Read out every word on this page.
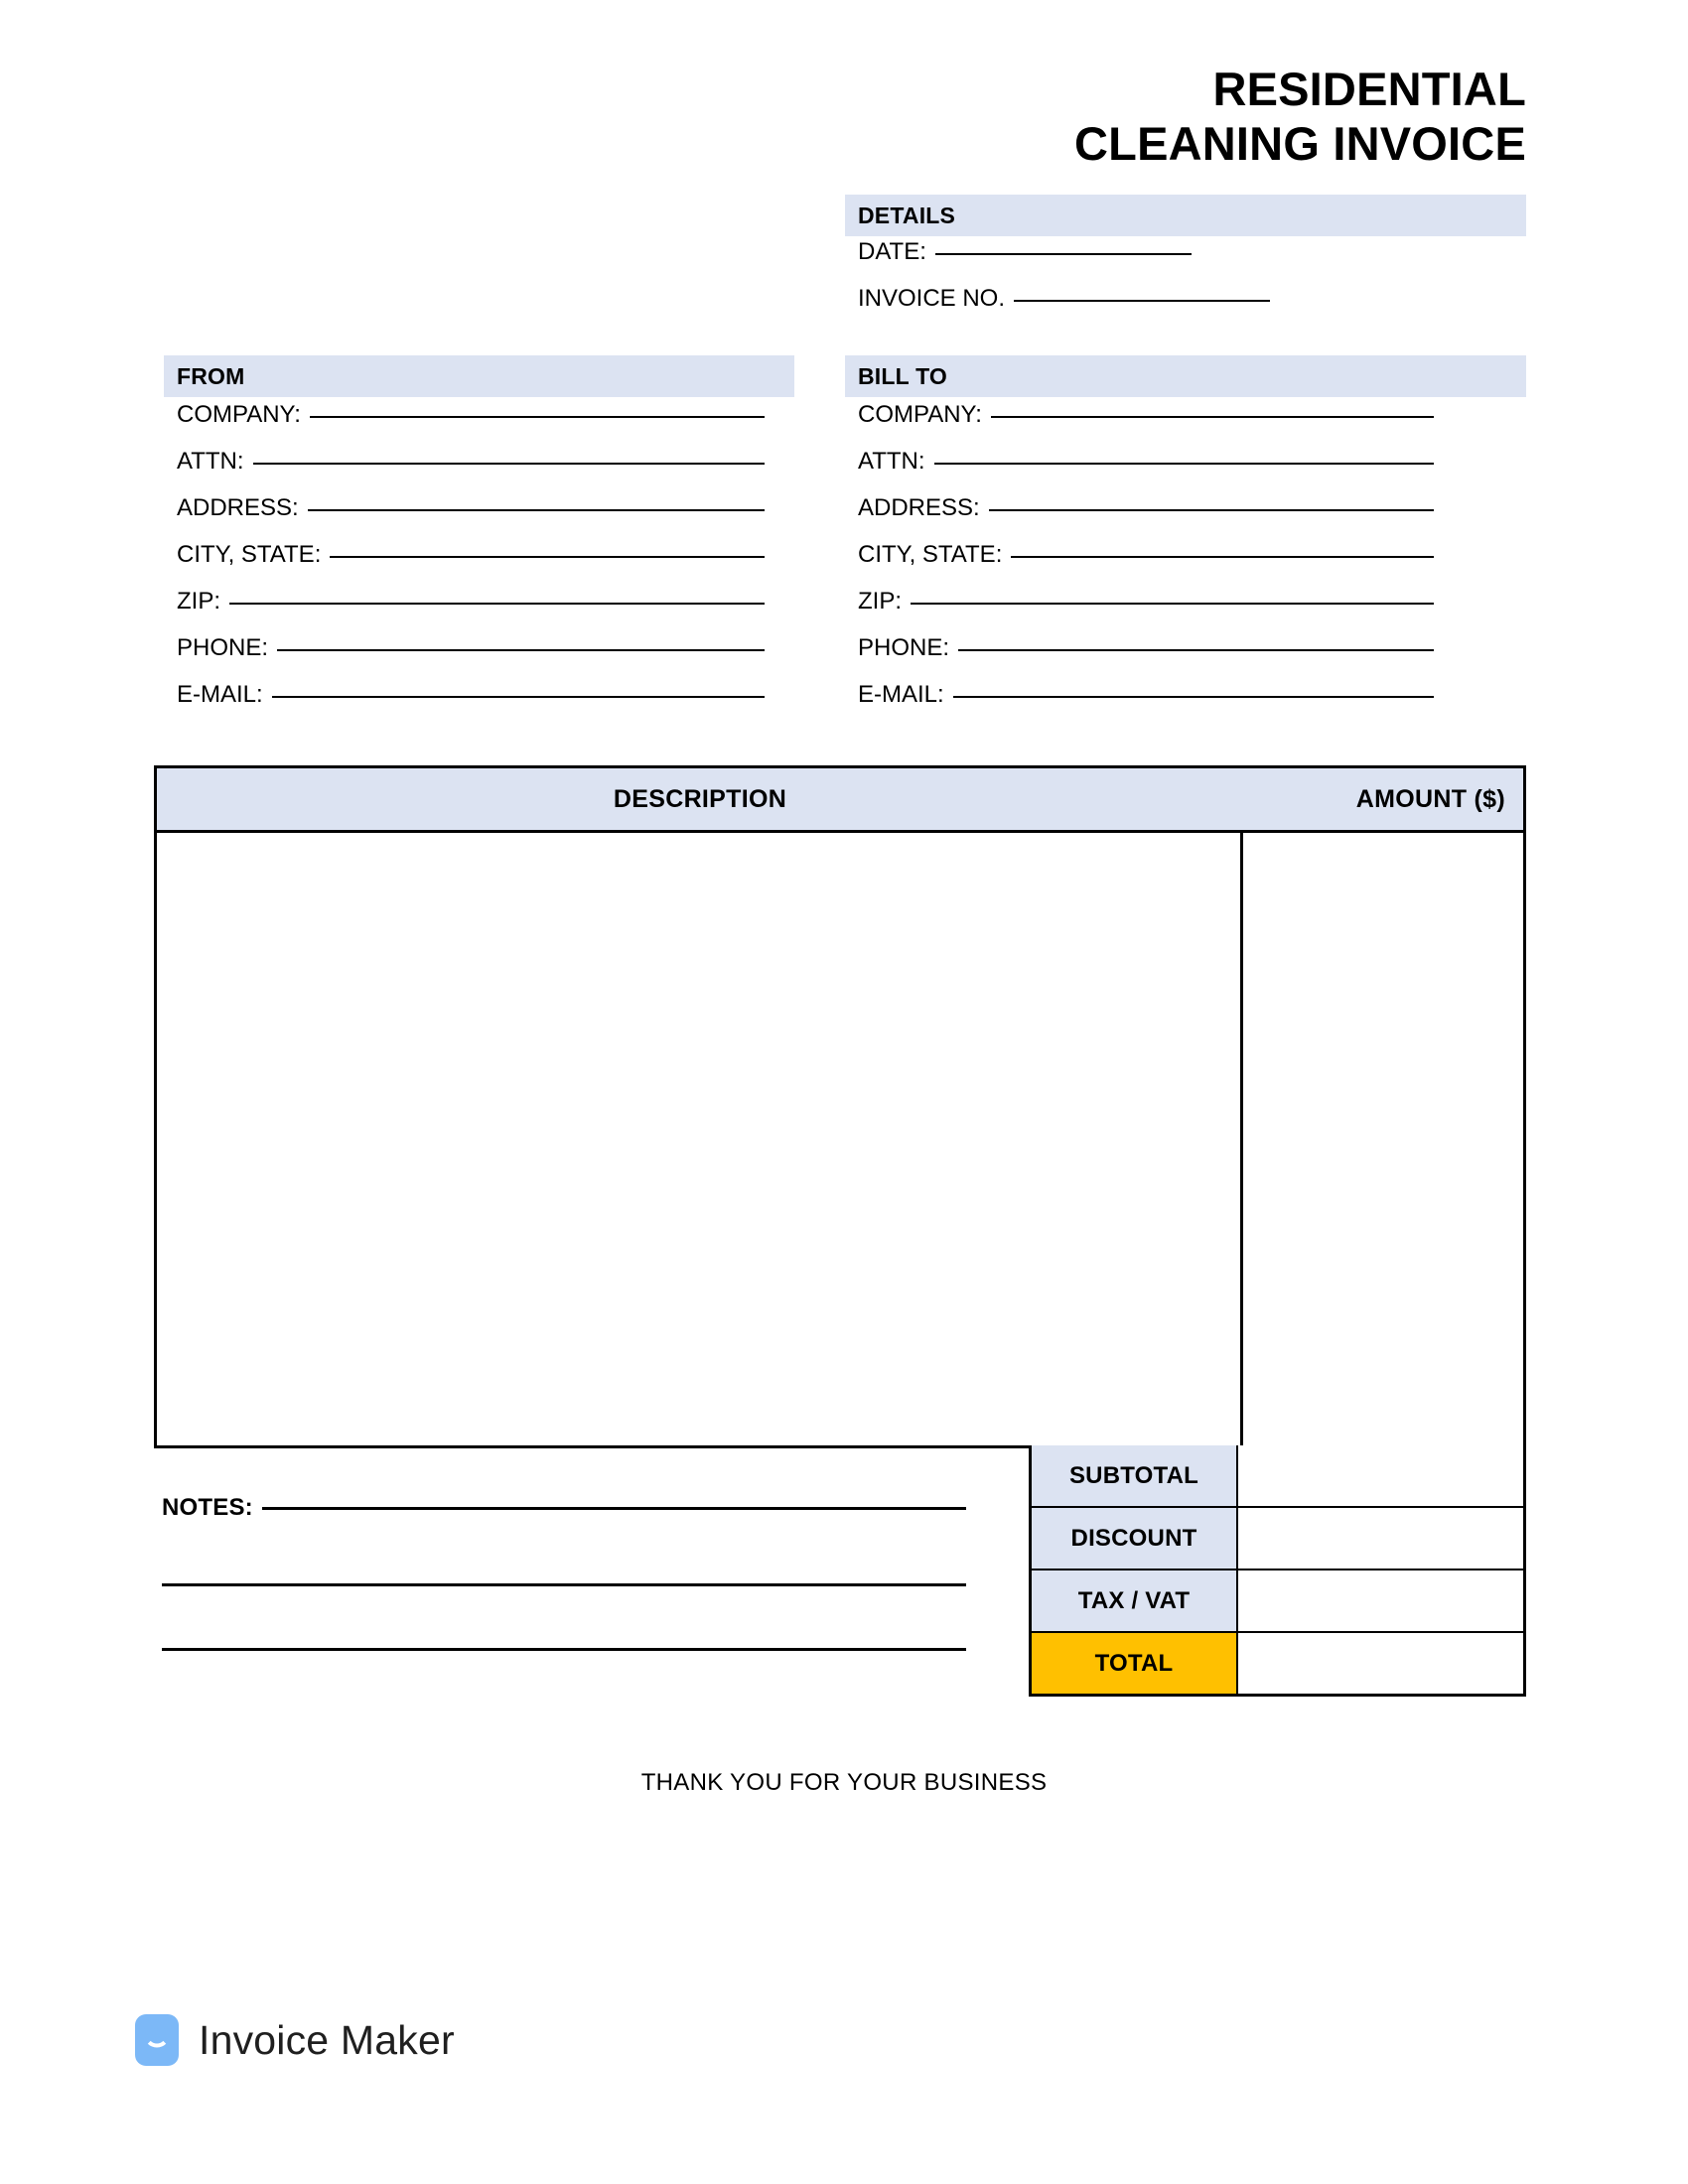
RESIDENTIAL
CLEANING INVOICE
DETAILS
DATE:
INVOICE NO.
FROM
COMPANY:
ATTN:
ADDRESS:
CITY, STATE:
ZIP:
PHONE:
E-MAIL:
BILL TO
COMPANY:
ATTN:
ADDRESS:
CITY, STATE:
ZIP:
PHONE:
E-MAIL:
DESCRIPTION	AMOUNT ($)
SUBTOTAL
DISCOUNT
TAX / VAT
TOTAL
NOTES:
THANK YOU FOR YOUR BUSINESS
Invoice Maker
